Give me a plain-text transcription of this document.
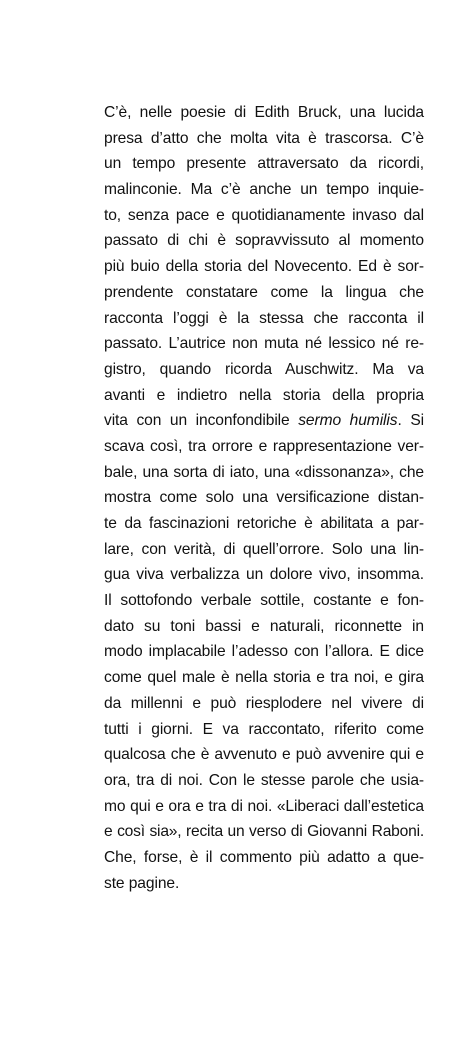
C’è, nelle poesie di Edith Bruck, una lucida
presa d’atto che molta vita è trascorsa. C’è
un tempo presente attraversato da ricordi,
malinconie. Ma c’è anche un tempo inquie-
to, senza pace e quotidianamente invaso dal
passato di chi è sopravvissuto al momento
più buio della storia del Novecento. Ed è sor-
prendente constatare come la lingua che
racconta l’oggi è la stessa che racconta il
passato. L’autrice non muta né lessico né re-
gistro, quando ricorda Auschwitz. Ma va
avanti e indietro nella storia della propria
vita con un inconfondibile sermo humilis. Si
scava così, tra orrore e rappresentazione ver-
bale, una sorta di iato, una «dissonanza», che
mostra come solo una versificazione distan-
te da fascinazioni retoriche è abilitata a par-
lare, con verità, di quell’orrore. Solo una lin-
gua viva verbalizza un dolore vivo, insomma.
Il sottofondo verbale sottile, costante e fon-
dato su toni bassi e naturali, riconnette in
modo implacabile l’adesso con l’allora. E dice
come quel male è nella storia e tra noi, e gira
da millenni e può riesplodere nel vivere di
tutti i giorni. E va raccontato, riferito come
qualcosa che è avvenuto e può avvenire qui e
ora, tra di noi. Con le stesse parole che usia-
mo qui e ora e tra di noi. «Liberaci dall’estetica
e così sia», recita un verso di Giovanni Raboni.
Che, forse, è il commento più adatto a que-
ste pagine.
